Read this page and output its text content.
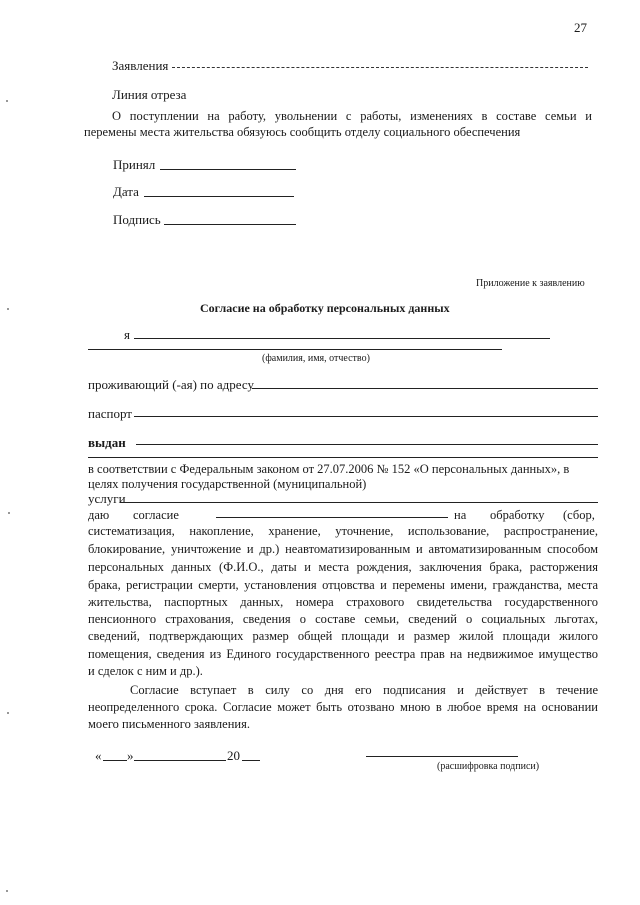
27
Заявления
Линия отреза
О поступлении на работу, увольнении с работы, изменениях в составе семьи и
перемены места жительства обязуюсь сообщить отделу социального обеспечения
Принял
Дата
Подпись
Приложение к заявлению
Согласие на обработку персональных данных
я
(фамилия, имя, отчество)
проживающий (-ая) по адресу
паспорт
выдан
в соответствии с Федеральным законом от 27.07.2006 № 152 «О персональных данных», в
целях получения государственной (муниципальной)
услуги
даю согласие	на обработку (сбор,
систематизация, накопление, хранение, уточнение, использование, распространение,
блокирование, уничтожение и др.) неавтоматизированным и автоматизированным способом
персональных данных (Ф.И.О., даты и места рождения, заключения брака, расторжения
брака, регистрации смерти, установления отцовства и перемены имени, гражданства, места
жительства, паспортных данных, номера страхового свидетельства государственного
пенсионного страхования, сведения о составе семьи, сведений о социальных льготах,
сведений, подтверждающих размер общей площади и размер жилой площади жилого
помещения, сведения из Единого государственного реестра прав на недвижимое имущество
и сделок с ним и др.).
Согласие вступает в силу со дня его подписания и действует в течение
неопределенного срока. Согласие может быть отозвано мною в любое время на основании
моего письменного заявления.
« »	20
(расшифровка подписи)
